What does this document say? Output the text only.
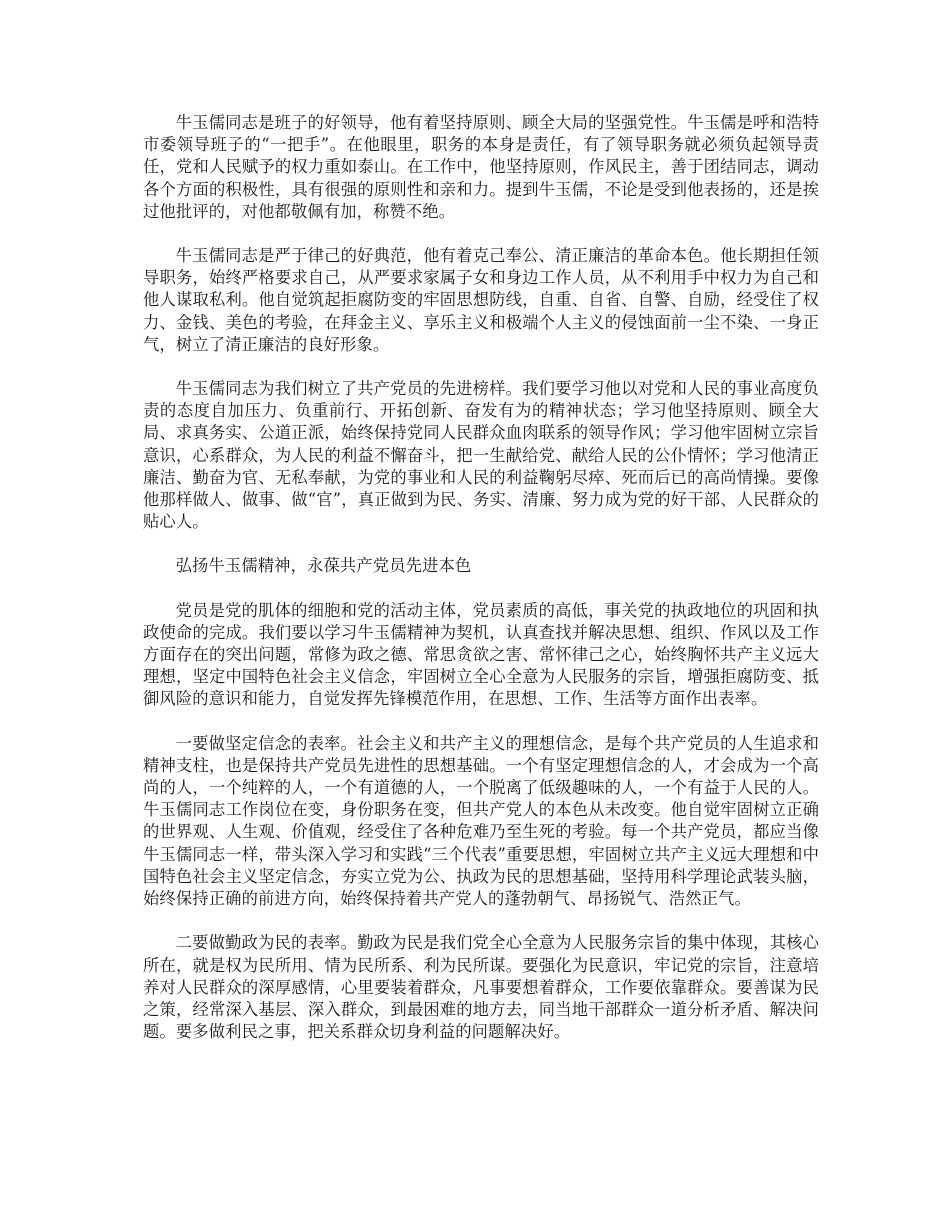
牛玉儒同志是班子的好领导，他有着坚持原则、顾全大局的坚强党性。牛玉儒是呼和浩特市委领导班子的“一把手”。在他眼里，职务的本身是责任，有了领导职务就必须负起领导责任，党和人民赋予的权力重如泰山。在工作中，他坚持原则，作风民主，善于团结同志，调动各个方面的积极性，具有很强的原则性和亲和力。提到牛玉儒，不论是受到他表扬的，还是挨过他批评的，对他都敬佩有加，称赞不绝。

牛玉儒同志是严于律己的好典范，他有着克己奉公、清正廉洁的革命本色。他长期担任领导职务，始终严格要求自己，从严要求家属子女和身边工作人员，从不利用手中权力为自己和他人谋取私利。他自觉筑起拒腐防变的牢固思想防线，自重、自省、自警、自励，经受住了权力、金钱、美色的考验，在拜金主义、享乐主义和极端个人主义的侵蚀面前一尘不染、一身正气，树立了清正廉洁的良好形象。

牛玉儒同志为我们树立了共产党员的先进榜样。我们要学习他以对党和人民的事业高度负责的态度自加压力、负重前行、开拓创新、奋发有为的精神状态；学习他坚持原则、顾全大局、求真务实、公道正派，始终保持党同人民群众血肉联系的领导作风；学习他牢固树立宗旨意识，心系群众，为人民的利益不懈奋斗，把一生献给党、献给人民的公仆情怀；学习他清正廉洁、勤奋为官、无私奉献，为党的事业和人民的利益鞠躬尽瘁、死而后已的高尚情操。要像他那样做人、做事、做“官”，真正做到为民、务实、清廉、努力成为党的好干部、人民群众的贴心人。

弘扬牛玉儒精神，永葆共产党员先进本色

党员是党的肌体的细胞和党的活动主体，党员素质的高低，事关党的执政地位的巩固和执政使命的完成。我们要以学习牛玉儒精神为契机，认真查找并解决思想、组织、作风以及工作方面存在的突出问题，常修为政之德、常思贪欲之害、常怀律己之心，始终胸怀共产主义远大理想，坚定中国特色社会主义信念，牢固树立全心全意为人民服务的宗旨，增强拒腐防变、抵御风险的意识和能力，自觉发挥先锋模范作用，在思想、工作、生活等方面作出表率。

一要做坚定信念的表率。社会主义和共产主义的理想信念，是每个共产党员的人生追求和精神支柱，也是保持共产党员先进性的思想基础。一个有坚定理想信念的人，才会成为一个高尚的人，一个纯粹的人，一个有道德的人，一个脱离了低级趣味的人，一个有益于人民的人。牛玉儒同志工作岗位在变，身份职务在变，但共产党人的本色从未改变。他自觉牢固树立正确的世界观、人生观、价值观，经受住了各种危难乃至生死的考验。每一个共产党员，都应当像牛玉儒同志一样，带头深入学习和实践“三个代表”重要思想，牢固树立共产主义远大理想和中国特色社会主义坚定信念，夯实立党为公、执政为民的思想基础，坚持用科学理论武装头脑，始终保持正确的前进方向，始终保持着共产党人的蓬勃朝气、昂扬锐气、浩然正气。

二要做勤政为民的表率。勤政为民是我们党全心全意为人民服务宗旨的集中体现，其核心所在，就是权为民所用、情为民所系、利为民所谋。要强化为民意识，牢记党的宗旨，注意培养对人民群众的深厚感情，心里要装着群众，凡事要想着群众，工作要依靠群众。要善谋为民之策，经常深入基层、深入群众，到最困难的地方去，同当地干部群众一道分析矛盾、解决问题。要多做利民之事，把关系群众切身利益的问题解决好。
